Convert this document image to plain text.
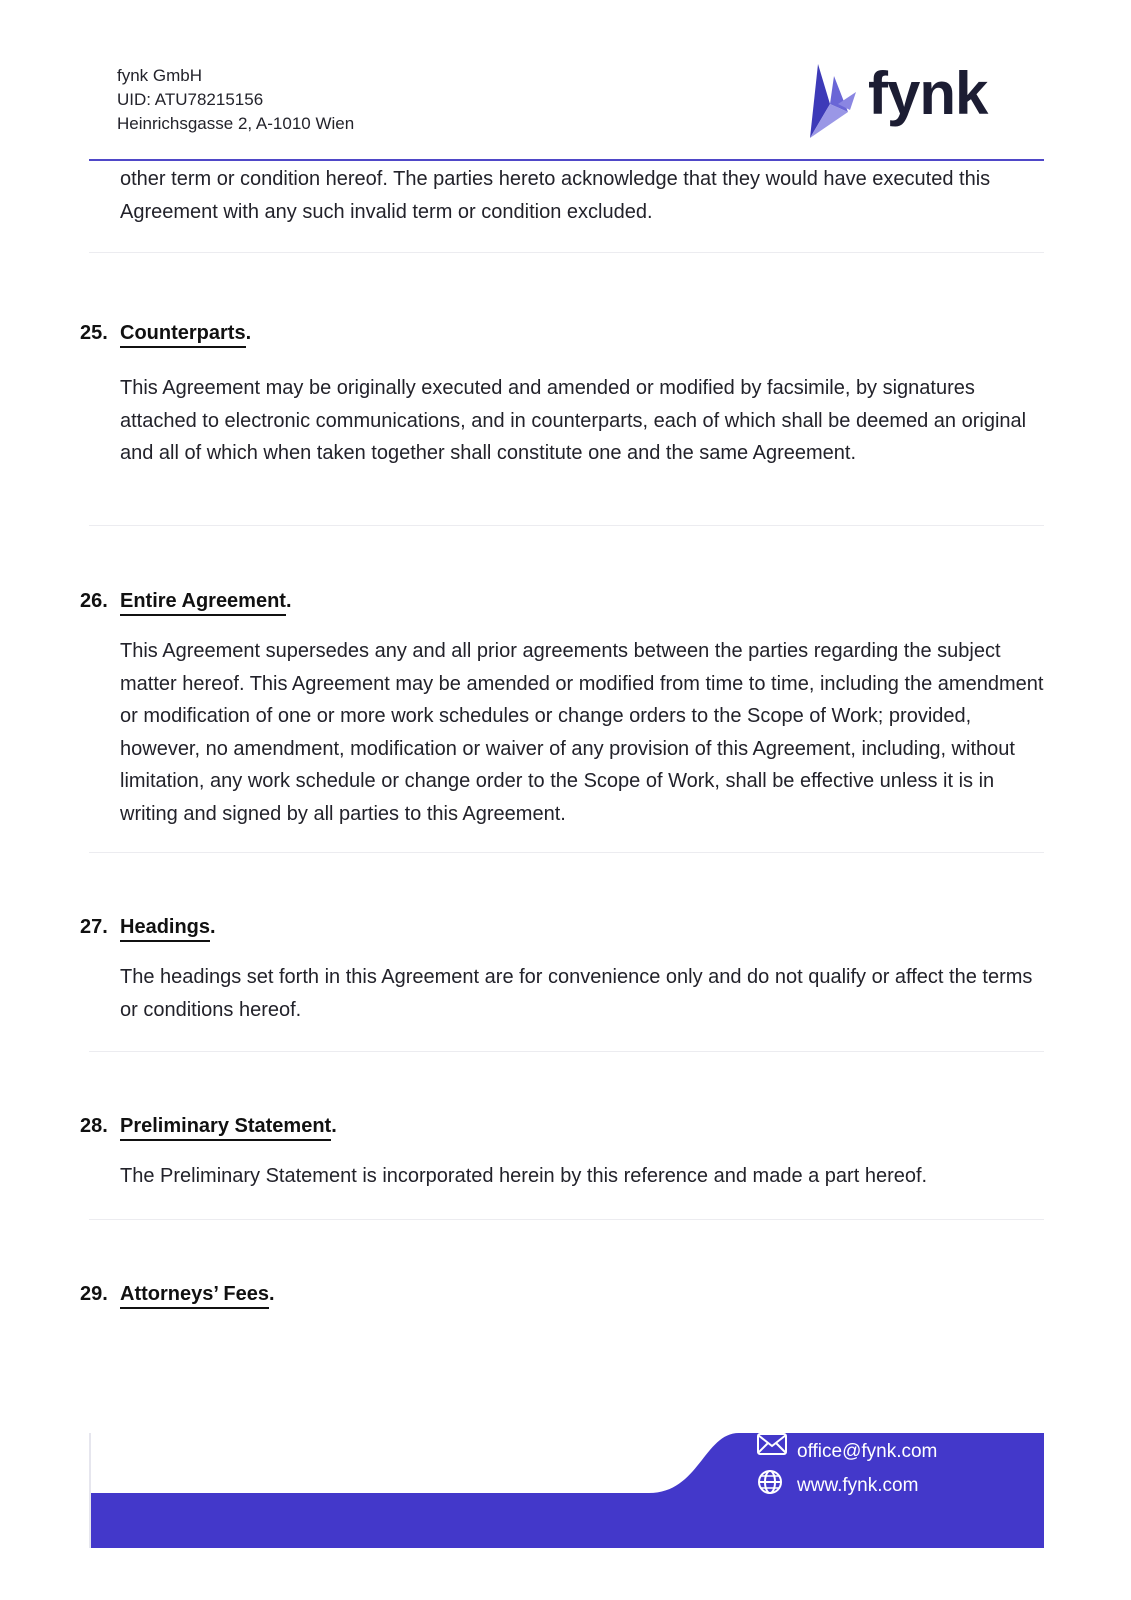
fynk GmbH
UID: ATU78215156
Heinrichsgasse 2, A-1010 Wien	fynk
other term or condition hereof. The parties hereto acknowledge that they would have executed this Agreement with any such invalid term or condition excluded.
25. Counterparts.
This Agreement may be originally executed and amended or modified by facsimile, by signatures attached to electronic communications, and in counterparts, each of which shall be deemed an original and all of which when taken together shall constitute one and the same Agreement.
26. Entire Agreement.
This Agreement supersedes any and all prior agreements between the parties regarding the subject matter hereof. This Agreement may be amended or modified from time to time, including the amendment or modification of one or more work schedules or change orders to the Scope of Work; provided, however, no amendment, modification or waiver of any provision of this Agreement, including, without limitation, any work schedule or change order to the Scope of Work, shall be effective unless it is in writing and signed by all parties to this Agreement.
27. Headings.
The headings set forth in this Agreement are for convenience only and do not qualify or affect the terms or conditions hereof.
28. Preliminary Statement.
The Preliminary Statement is incorporated herein by this reference and made a part hereof.
29. Attorneys’ Fees.
office@fynk.com
www.fynk.com
